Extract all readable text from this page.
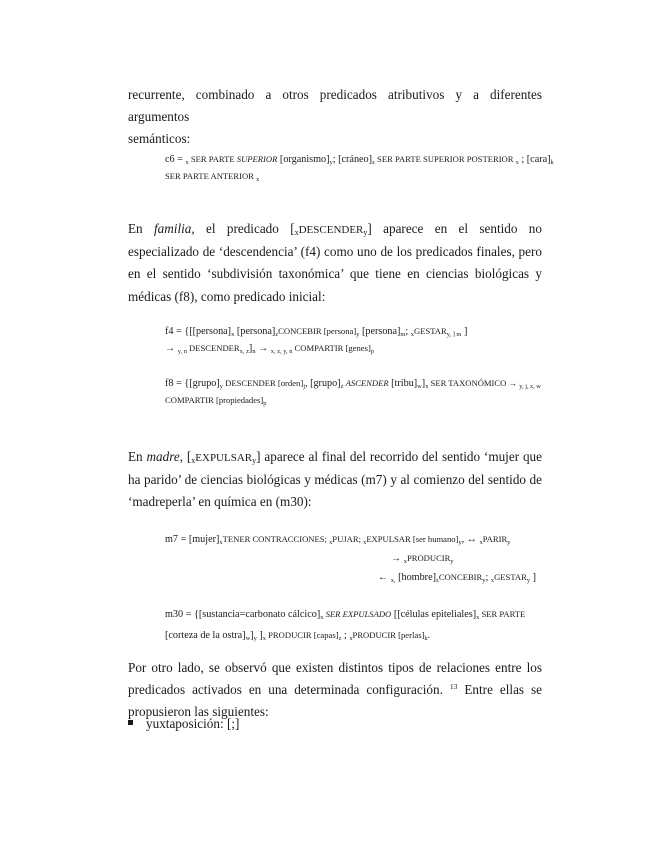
recurrente, combinado a otros predicados atributivos y a diferentes argumentos
semánticos:

c6 = $_x$ SER PARTE SUPERIOR $[organismo]_y$; $[cráneo]_z$ SER PARTE SUPERIOR POSTERIOR $_x$ ; $[cara]_k$
SER PARTE ANTERIOR $_x$

En familia, el predicado $[_xDESCENDER_y]$ aparece en el sentido no especializado de ‘descendencia’ (f4) como uno de los predicados finales, pero en el sentido ‘subdivisión taxonómica’ que tiene en ciencias biológicas y médicas (f8), como predicado inicial:

$f4 = \{[[persona]_x$ $[persona]_zCONCEBIR$ $[persona]_y$ $[persona]_m$; $_xGESTAR_{y, ] m}$ ]
→ $_{y, n}$ $DESCENDER_{x, z}]_n \to _{x, z, y, n}$ COMPARTIR $[genes]_p$

$f8 = \{[grupo]_y$ DESCENDER $[orden]_j$, $[grupo]_z$ ASCENDER $[tribu]_w]_x$ SER TAXONÓMICO → $_{y, j, z, w}$
COMPARTIR $[propiedades]_p$

En madre, $[_xEXPULSAR_y]$ aparece al final del recorrido del sentido ‘mujer que ha parido’ de ciencias biológicas y médicas (m7) y al comienzo del sentido de ‘madreperla’ en química en (m30):

$m7 = [mujer]_xTENER$ CONTRACCIONES; $_x$PUJAR; $_x$EXPULSAR [ser $humano]_y$, ↔ $_xPARIR_y$
→ $_xPRODUCIR_y$
← $_{x,}$ $[hombre]_zCONCEBIR_y$; $_xGESTAR_y$ ]

m30 = {[sustancia=carbonato $cálcico]_x$ SER EXPULSADO [[células $epiteliales]_x$ SER PARTE
[corteza de la $ostra]_w]_y$ ]$_x$ PRODUCIR $[capas]_z$ ; $_x$PRODUCIR $[perlas]_k$.

Por otro lado, se observó que existen distintos tipos de relaciones entre los predicados activados en una determinada configuración. $^{13}$ Entre ellas se propusieron las siguientes:

yuxtaposición: [;]
